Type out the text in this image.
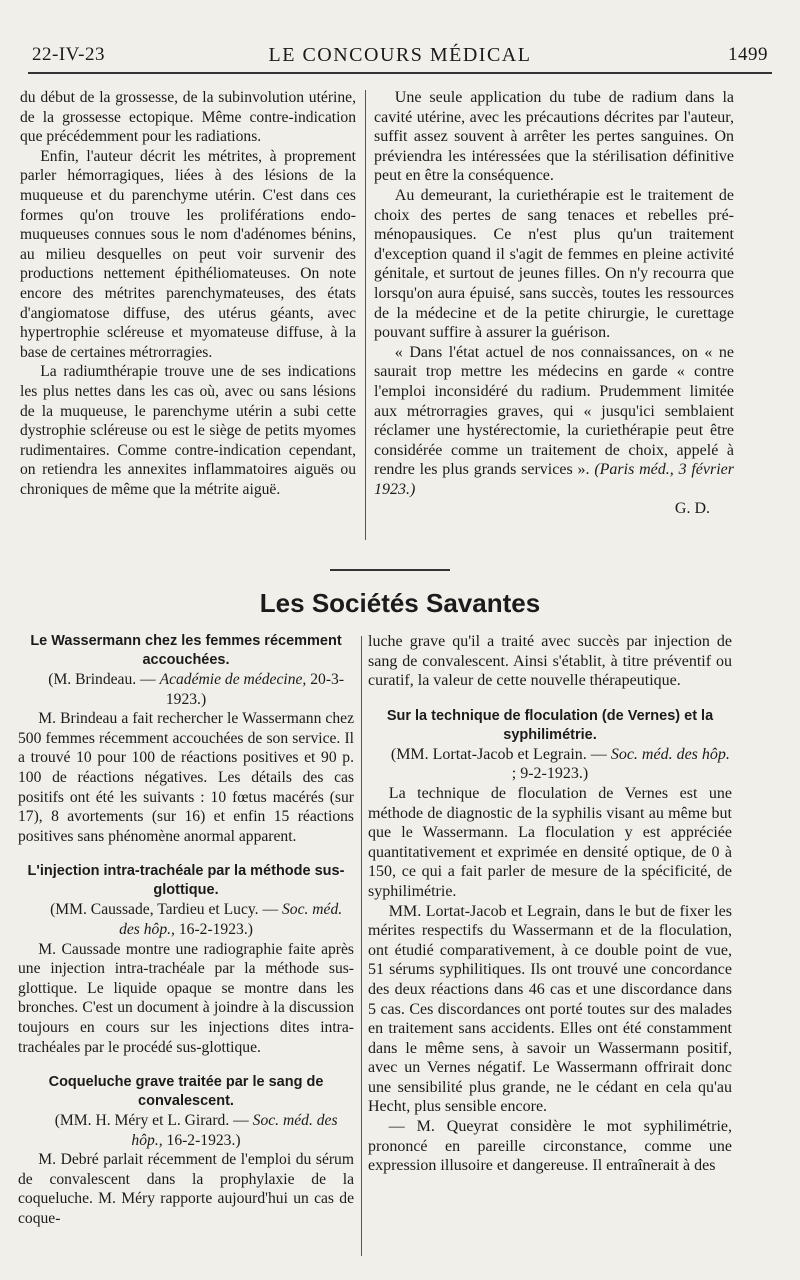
22-IV-23	LE CONCOURS MÉDICAL	1499

du début de la grossesse, de la subinvolution utérine, de la grossesse ectopique. Même contre-indication que précédemment pour les radiations.

Enfin, l'auteur décrit les métrites, à proprement parler hémorragiques, liées à des lésions de la muqueuse et du parenchyme utérin. C'est dans ces formes qu'on trouve les proliférations endo-muqueuses connues sous le nom d'adénomes bénins, au milieu desquelles on peut voir survenir des productions nettement épithéliomateuses. On note encore des métrites parenchymateuses, des états d'angiomatose diffuse, des utérus géants, avec hypertrophie scléreuse et myomateuse diffuse, à la base de certaines métrorragies.

La radiumthérapie trouve une de ses indications les plus nettes dans les cas où, avec ou sans lésions de la muqueuse, le parenchyme utérin a subi cette dystrophie scléreuse ou est le siège de petits myomes rudimentaires. Comme contre-indication cependant, on retiendra les annexites inflammatoires aiguës ou chroniques de même que la métrite aiguë.

Une seule application du tube de radium dans la cavité utérine, avec les précautions décrites par l'auteur, suffit assez souvent à arrêter les pertes sanguines. On préviendra les intéressées que la stérilisation définitive peut en être la conséquence.

Au demeurant, la curiethérapie est le traitement de choix des pertes de sang tenaces et rebelles pré-ménopausiques. Ce n'est plus qu'un traitement d'exception quand il s'agit de femmes en pleine activité génitale, et surtout de jeunes filles. On n'y recourra que lorsqu'on aura épuisé, sans succès, toutes les ressources de la médecine et de la petite chirurgie, le curettage pouvant suffire à assurer la guérison.

« Dans l'état actuel de nos connaissances, on « ne saurait trop mettre les médecins en garde « contre l'emploi inconsidéré du radium. Prudemment limitée aux métrorragies graves, qui « jusqu'ici semblaient réclamer une hystérectomie, la curiethérapie peut être considérée comme un traitement de choix, appelé à rendre les plus grands services ». (Paris méd., 3 février 1923.)

G. D.

Les Sociétés Savantes
Le Wassermann chez les femmes récemment accouchées.

(M. Brindeau. — Académie de médecine, 20-3-1923.)

M. Brindeau a fait rechercher le Wassermann chez 500 femmes récemment accouchées de son service. Il a trouvé 10 pour 100 de réactions positives et 90 p. 100 de réactions négatives. Les détails des cas positifs ont été les suivants : 10 fœtus macérés (sur 17), 8 avortements (sur 16) et enfin 15 réactions positives sans phénomène anormal apparent.

L'injection intra-trachéale par la méthode sus-glottique.

(MM. Caussade, Tardieu et Lucy. — Soc. méd. des hôp., 16-2-1923.)

M. Caussade montre une radiographie faite après une injection intra-trachéale par la méthode sus-glottique. Le liquide opaque se montre dans les bronches. C'est un document à joindre à la discussion toujours en cours sur les injections dites intra-trachéales par le procédé sus-glottique.

Coqueluche grave traitée par le sang de convalescent.

(MM. H. Méry et L. Girard. — Soc. méd. des hôp., 16-2-1923.)

M. Debré parlait récemment de l'emploi du sérum de convalescent dans la prophylaxie de la coqueluche. M. Méry rapporte aujourd'hui un cas de coque-

luche grave qu'il a traité avec succès par injection de sang de convalescent. Ainsi s'établit, à titre préventif ou curatif, la valeur de cette nouvelle thérapeutique.

Sur la technique de floculation (de Vernes) et la syphilimétrie.

(MM. Lortat-Jacob et Legrain. — Soc. méd. des hôp. ; 9-2-1923.)

La technique de floculation de Vernes est une méthode de diagnostic de la syphilis visant au même but que le Wassermann. La floculation y est appréciée quantitativement et exprimée en densité optique, de 0 à 150, ce qui a fait parler de mesure de la spécificité, de syphilimétrie.

MM. Lortat-Jacob et Legrain, dans le but de fixer les mérites respectifs du Wassermann et de la floculation, ont étudié comparativement, à ce double point de vue, 51 sérums syphilitiques. Ils ont trouvé une concordance des deux réactions dans 46 cas et une discordance dans 5 cas. Ces discordances ont porté toutes sur des malades en traitement sans accidents. Elles ont été constamment dans le même sens, à savoir un Wassermann positif, avec un Vernes négatif. Le Wassermann offrirait donc une sensibilité plus grande, ne le cédant en cela qu'au Hecht, plus sensible encore.

— M. Queyrat considère le mot syphilimétrie, prononcé en pareille circonstance, comme une expression illusoire et dangereuse. Il entraînerait à des
